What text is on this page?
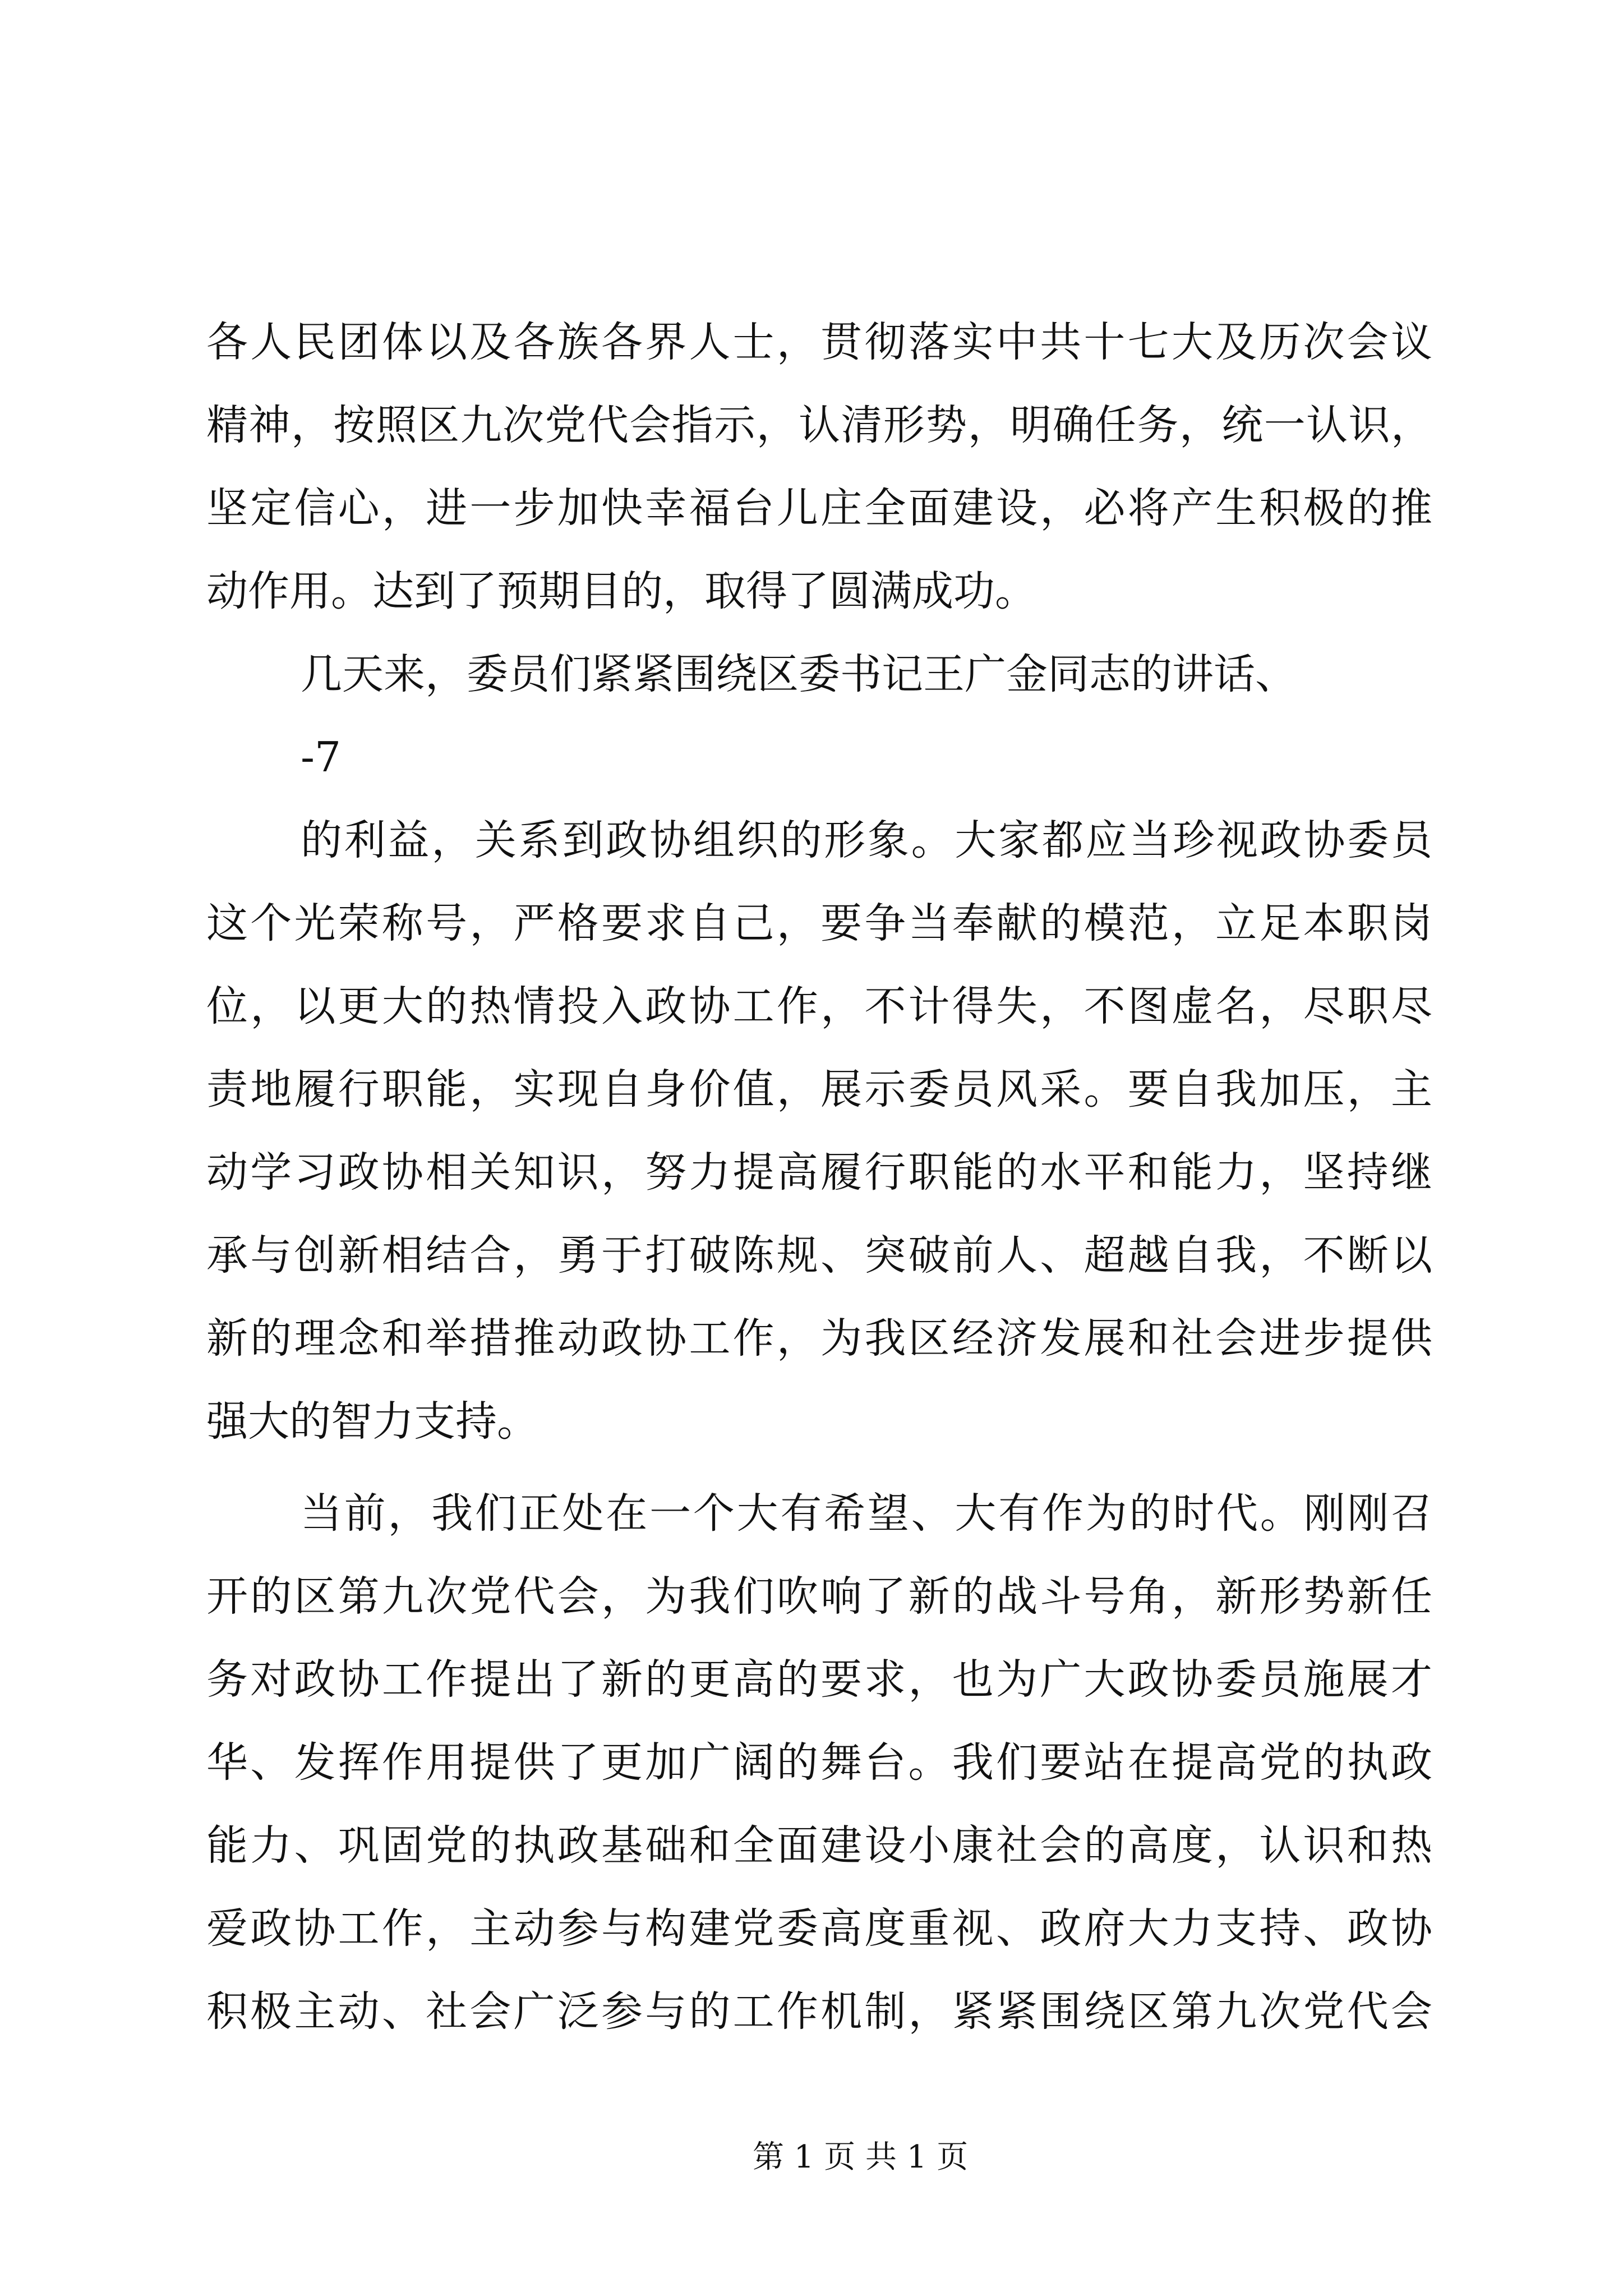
各人民团体以及各族各界人士，贯彻落实中共十七大及历次会议
精神，按照区九次党代会指示，认清形势，明确任务，统一认识，
坚定信心，进一步加快幸福台儿庄全面建设，必将产生积极的推
动作用。达到了预期目的，取得了圆满成功。
几天来，委员们紧紧围绕区委书记王广金同志的讲话、
-7
的利益，关系到政协组织的形象。大家都应当珍视政协委员
这个光荣称号，严格要求自己，要争当奉献的模范，立足本职岗
位，以更大的热情投入政协工作，不计得失，不图虚名，尽职尽
责地履行职能，实现自身价值，展示委员风采。要自我加压，主
动学习政协相关知识，努力提高履行职能的水平和能力，坚持继
承与创新相结合，勇于打破陈规、突破前人、超越自我，不断以
新的理念和举措推动政协工作，为我区经济发展和社会进步提供
强大的智力支持。
当前，我们正处在一个大有希望、大有作为的时代。刚刚召
开的区第九次党代会，为我们吹响了新的战斗号角，新形势新任
务对政协工作提出了新的更高的要求，也为广大政协委员施展才
华、发挥作用提供了更加广阔的舞台。我们要站在提高党的执政
能力、巩固党的执政基础和全面建设小康社会的高度，认识和热
爱政协工作，主动参与构建党委高度重视、政府大力支持、政协
积极主动、社会广泛参与的工作机制，紧紧围绕区第九次党代会
第 1 页 共 1 页
